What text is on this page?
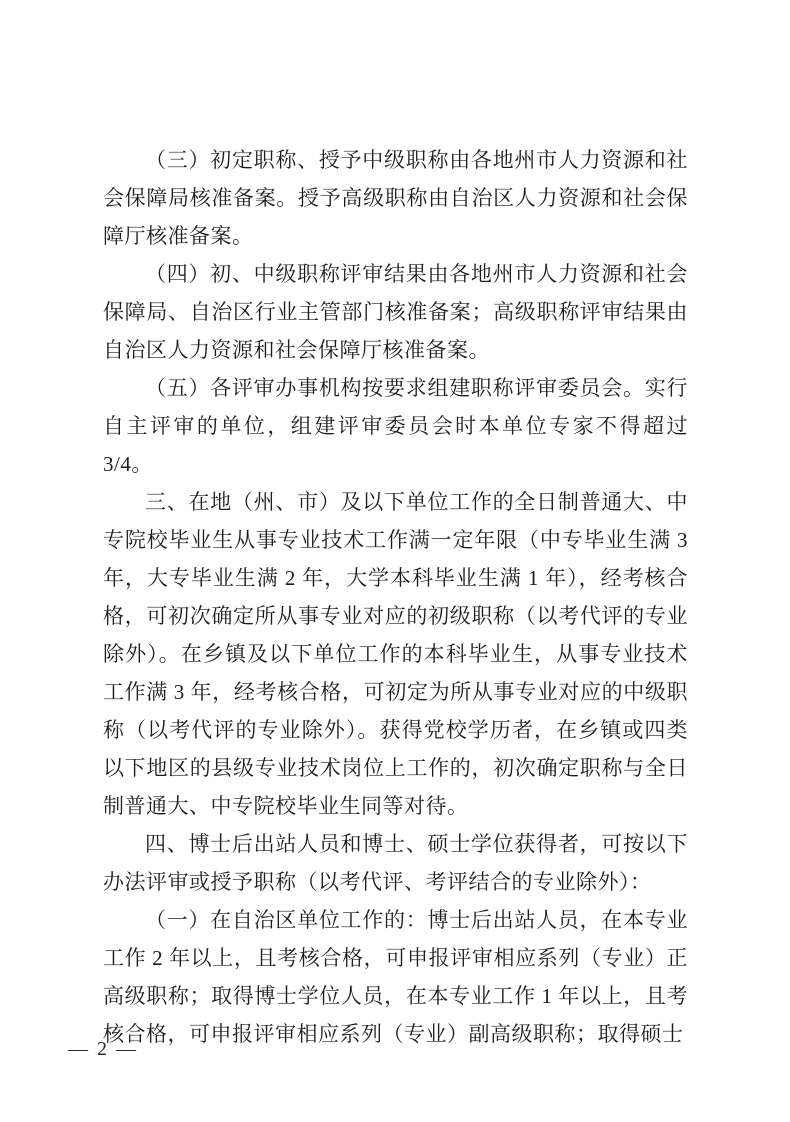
（三）初定职称、授予中级职称由各地州市人力资源和社会保障局核准备案。授予高级职称由自治区人力资源和社会保障厅核准备案。

（四）初、中级职称评审结果由各地州市人力资源和社会保障局、自治区行业主管部门核准备案；高级职称评审结果由自治区人力资源和社会保障厅核准备案。

（五）各评审办事机构按要求组建职称评审委员会。实行自主评审的单位，组建评审委员会时本单位专家不得超过 3/4。

三、在地（州、市）及以下单位工作的全日制普通大、中专院校毕业生从事专业技术工作满一定年限（中专毕业生满 3 年，大专毕业生满 2 年，大学本科毕业生满 1 年），经考核合格，可初次确定所从事专业对应的初级职称（以考代评的专业除外）。在乡镇及以下单位工作的本科毕业生，从事专业技术工作满 3 年，经考核合格，可初定为所从事专业对应的中级职称（以考代评的专业除外）。获得党校学历者，在乡镇或四类以下地区的县级专业技术岗位上工作的，初次确定职称与全日制普通大、中专院校毕业生同等对待。

四、博士后出站人员和博士、硕士学位获得者，可按以下办法评审或授予职称（以考代评、考评结合的专业除外）：

（一）在自治区单位工作的：博士后出站人员，在本专业工作 2 年以上，且考核合格，可申报评审相应系列（专业）正高级职称；取得博士学位人员，在本专业工作 1 年以上，且考核合格，可申报评审相应系列（专业）副高级职称；取得硕士

— 2 —
